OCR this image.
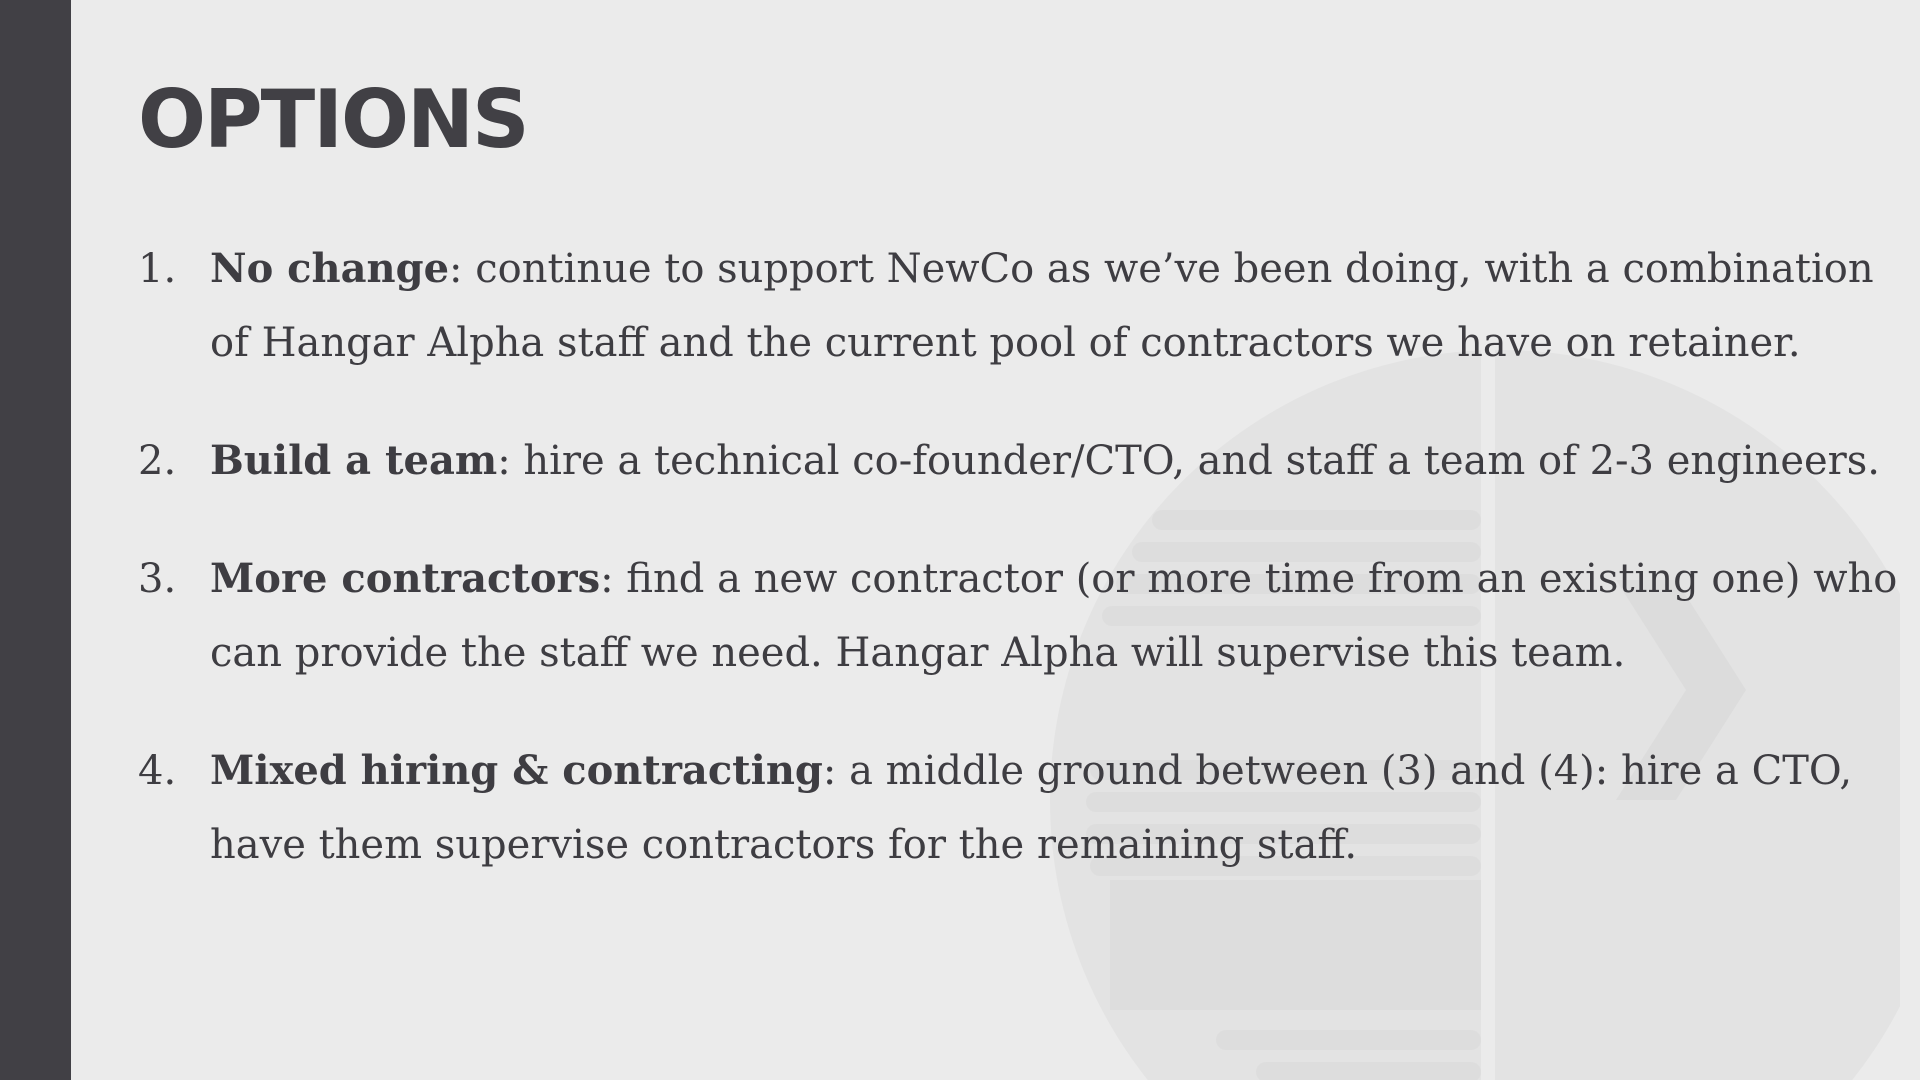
OPTIONS
1. No change: continue to support NewCo as we’ve been doing, with a combination of Hangar Alpha staff and the current pool of contractors we have on retainer.
2. Build a team: hire a technical co-founder/CTO, and staff a team of 2-3 engineers.
3. More contractors: find a new contractor (or more time from an existing one) who can provide the staff we need. Hangar Alpha will supervise this team.
4. Mixed hiring & contracting: a middle ground between (3) and (4): hire a CTO, have them supervise contractors for the remaining staff.
